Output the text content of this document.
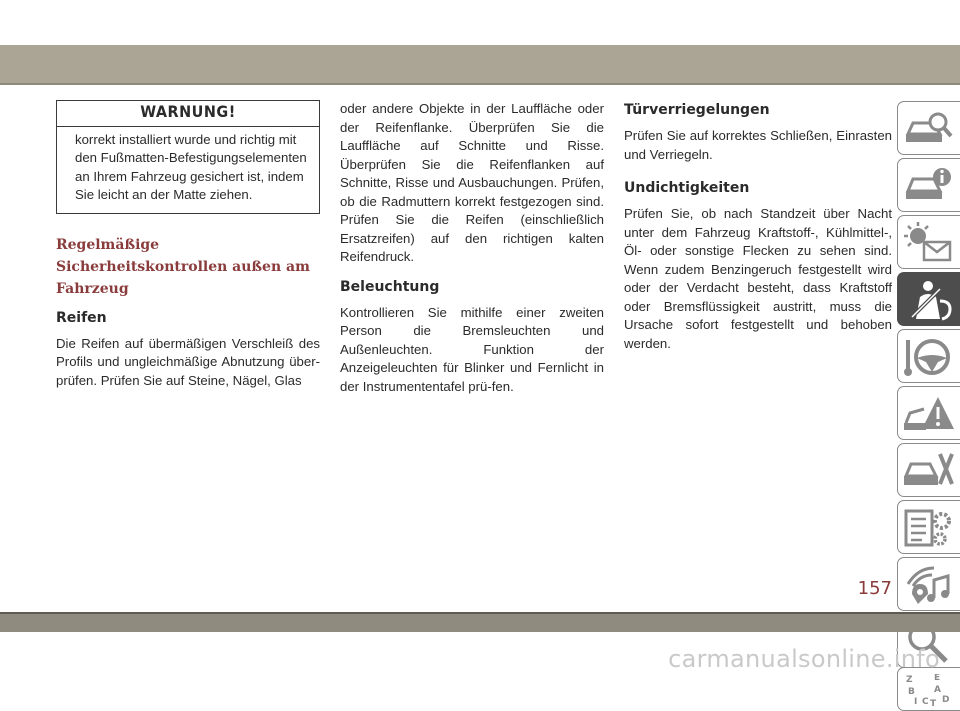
WARNUNG!

korrekt installiert wurde und richtig mit den Fußmatten-Befestigungselementen an Ihrem Fahrzeug gesichert ist, indem Sie leicht an der Matte ziehen.

Regelmäßige Sicherheitskontrollen außen am Fahrzeug
Reifen

Die Reifen auf übermäßigen Verschleiß des Profils und ungleichmäßige Abnutzung über-prüfen. Prüfen Sie auf Steine, Nägel, Glas

oder andere Objekte in der Lauffläche oder der Reifenflanke. Überprüfen Sie die Lauffläche auf Schnitte und Risse. Überprüfen Sie die Reifenflanken auf Schnitte, Risse und Ausbauchungen. Prüfen, ob die Radmuttern korrekt festgezogen sind. Prüfen Sie die Reifen (einschließlich Ersatzreifen) auf den richtigen kalten Reifendruck.

Beleuchtung

Kontrollieren Sie mithilfe einer zweiten Person die Bremsleuchten und Außenleuchten. Funktion der Anzeigeleuchten für Blinker und Fernlicht in der Instrumententafel prü-fen.

Türverriegelungen

Prüfen Sie auf korrektes Schließen, Einrasten und Verriegeln.

Undichtigkeiten

Prüfen Sie, ob nach Standzeit über Nacht unter dem Fahrzeug Kraftstoff-, Kühlmittel-, Öl- oder sonstige Flecken zu sehen sind. Wenn zudem Benzingeruch festgestellt wird oder der Verdacht besteht, dass Kraftstoff oder Bremsflüssigkeit austritt, muss die Ursache sofort festgestellt und behoben werden.

Z E
B A
I C T D
157
carmanualsonline.info
